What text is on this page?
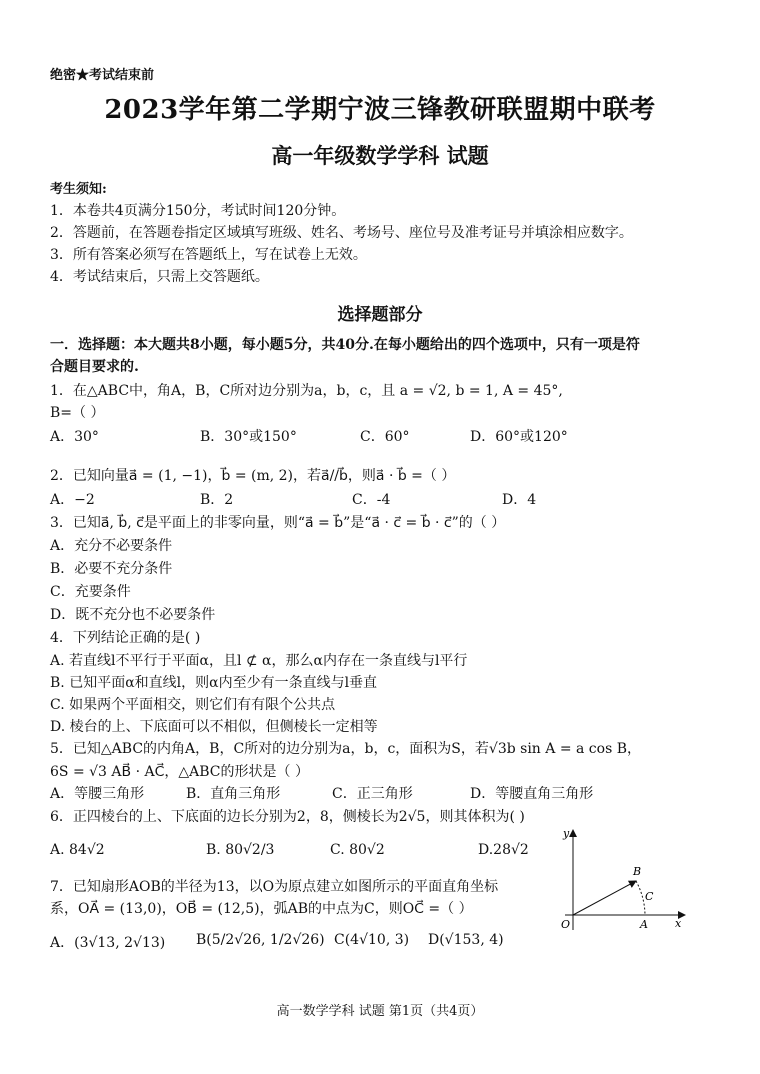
绝密★考试结束前
2023学年第二学期宁波三锋教研联盟期中联考
高一年级数学学科 试题
考生须知:
1．本卷共4页满分150分，考试时间120分钟。
2．答题前，在答题卷指定区域填写班级、姓名、考场号、座位号及准考证号并填涂相应数字。
3．所有答案必须写在答题纸上，写在试卷上无效。
4．考试结束后，只需上交答题纸。
选择题部分
一．选择题：本大题共8小题，每小题5分，共40分.在每小题给出的四个选项中，只有一项是符
合题目要求的.
1．在△ABC中，角A，B，C所对边分别为a，b，c，且 a = √2, b = 1, A = 45°,
B=（ ）
A．30°	B．30°或150°	C．60°	D．60°或120°
2．已知向量a⃗ = (1, −1)，b⃗ = (m, 2)，若a⃗//b⃗，则a⃗ · b⃗ =（ ）
A．−2	B．2	C．-4	D．4
3．已知a⃗, b⃗, c⃗是平面上的非零向量，则“a⃗ = b⃗”是“a⃗ · c⃗ = b⃗ · c⃗”的（ ）
A．充分不必要条件
B．必要不充分条件
C．充要条件
D．既不充分也不必要条件
4．下列结论正确的是( )
A. 若直线l不平行于平面α，且l ⊄ α，那么α内存在一条直线与l平行
B. 已知平面α和直线l，则α内至少有一条直线与l垂直
C. 如果两个平面相交，则它们有有限个公共点
D. 棱台的上、下底面可以不相似，但侧棱长一定相等
5．已知△ABC的内角A，B，C所对的边分别为a，b，c，面积为S，若√3b sin A = a cos B，
6S = √3 AB⃗ · AC⃗，△ABC的形状是（ ）
A．等腰三角形	B．直角三角形	C．正三角形	D．等腰直角三角形
6．正四棱台的上、下底面的边长分别为2，8，侧棱长为2√5，则其体积为( )
A. 84√2	B. 80√2/3	C. 80√2	D.28√2
7．已知扇形AOB的半径为13，以O为原点建立如图所示的平面直角坐标
系，OA⃗ = (13,0)，OB⃗ = (12,5)，弧AB的中点为C，则OC⃗ =（ ）
A．(3√13, 2√13) B(5/2√26, 1/2√26) C(4√10, 3) D(√153, 4)
y
x
O	A
B
C
高一数学学科 试题 第1页（共4页）
